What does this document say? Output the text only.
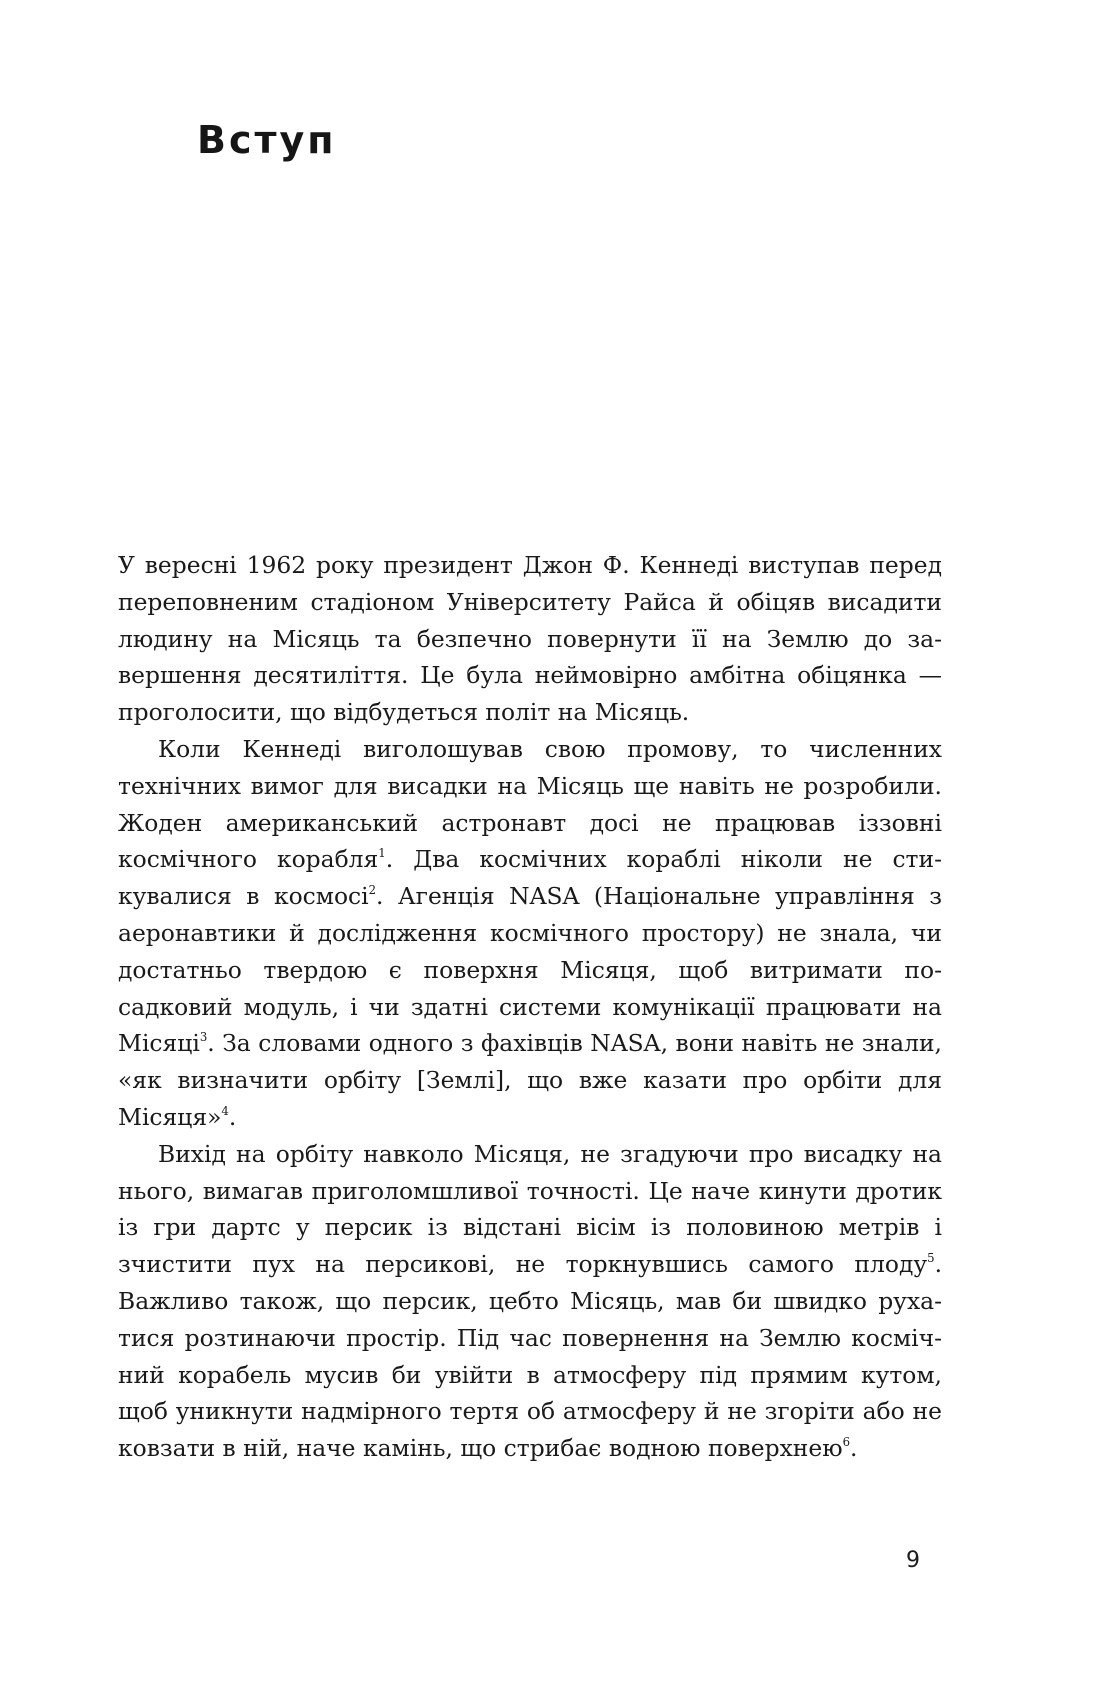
Вступ

У вересні 1962 року президент Джон Ф. Кеннеді виступав перед переповненим стадіоном Університету Райса й обіцяв висадити людину на Місяць та безпечно повернути її на Землю до завершення десятиліття. Це була неймовірно амбітна обіцянка — проголосити, що відбудеться політ на Місяць.

Коли Кеннеді виголошував свою промову, то численних технічних вимог для висадки на Місяць ще навіть не розробили. Жоден американський астронавт досі не працював іззовні космічного корабля$^1$. Два космічних кораблі ніколи не стикувалися в космосі$^2$. Агенція NASA (Національне управління з аеронавтики й дослідження космічного простору) не знала, чи достатньо твердою є поверхня Місяця, щоб витримати посадковий модуль, і чи здатні системи комунікації працювати на Місяці$^3$. За словами одного з фахівців NASA, вони навіть не знали, «як визначити орбіту [Землі], що вже казати про орбіти для Місяця»$^4$.

Вихід на орбіту навколо Місяця, не згадуючи про висадку на нього, вимагав приголомшливої точності. Це наче кинути дротик із гри дартс у персик із відстані вісім із половиною метрів і зчистити пух на персикові, не торкнувшись самого плоду$^5$. Важливо також, що персик, цебто Місяць, мав би швидко рухатися розтинаючи простір. Під час повернення на Землю космічний корабель мусив би увійти в атмосферу під прямим кутом, щоб уникнути надмірного тертя об атмосферу й не згоріти або не ковзати в ній, наче камінь, що стрибає водною поверхнею$^6$.

9
